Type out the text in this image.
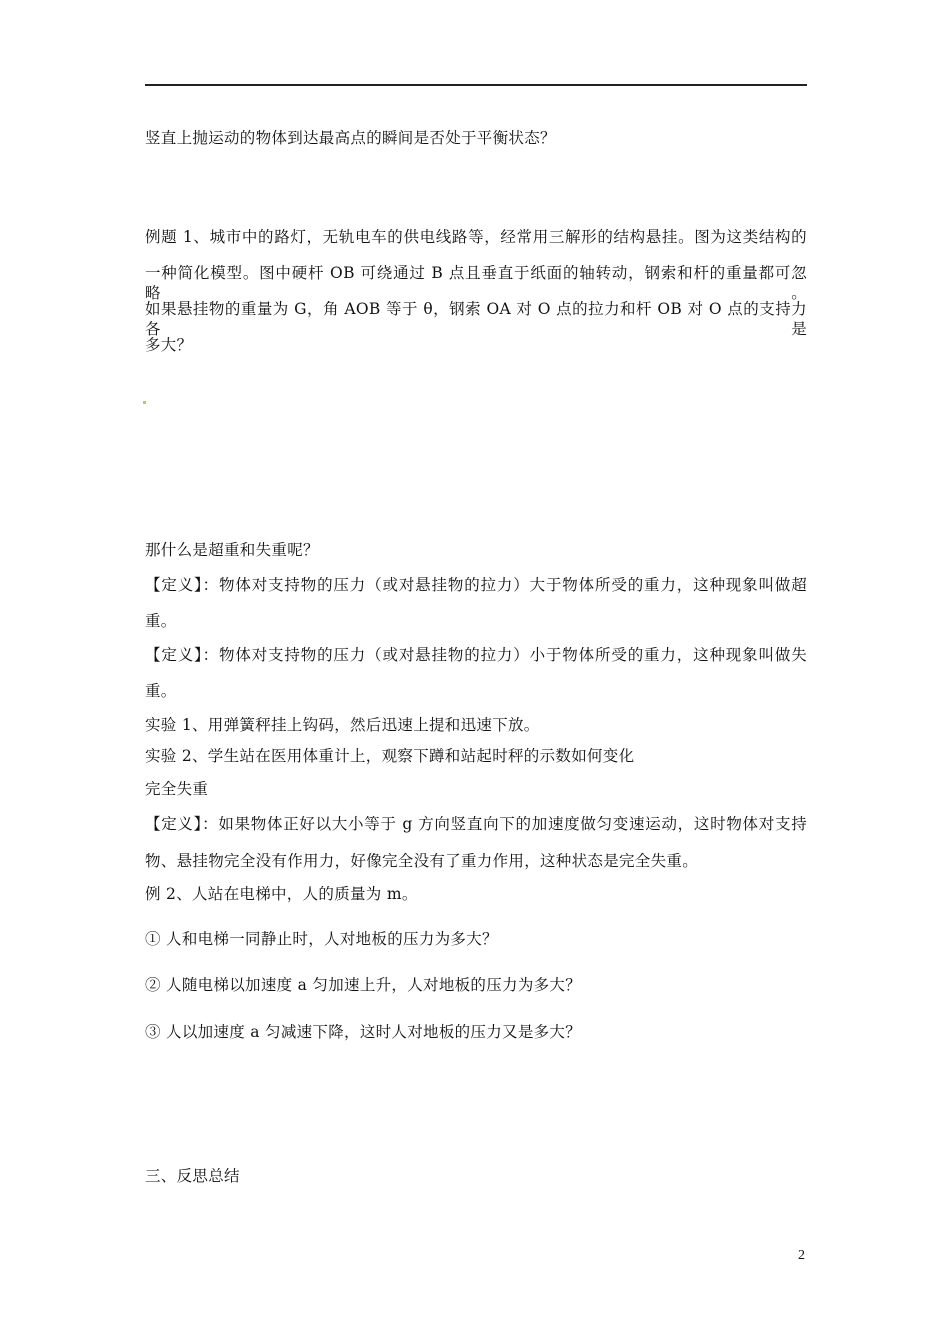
竖直上抛运动的物体到达最高点的瞬间是否处于平衡状态？
例题 1、城市中的路灯，无轨电车的供电线路等，经常用三解形的结构悬挂。图为这类结构的
一种简化模型。图中硬杆 OB 可绕通过 B 点且垂直于纸面的轴转动，钢索和杆的重量都可忽略。
如果悬挂物的重量为 G，角 AOB 等于 θ，钢索 OA 对 O 点的拉力和杆 OB 对 O 点的支持力各是
多大？
那什么是超重和失重呢？
【定义】：物体对支持物的压力（或对悬挂物的拉力）大于物体所受的重力，这种现象叫做超
重。
【定义】：物体对支持物的压力（或对悬挂物的拉力）小于物体所受的重力，这种现象叫做失
重。
实验 1、用弹簧秤挂上钩码，然后迅速上提和迅速下放。
实验 2、学生站在医用体重计上，观察下蹲和站起时秤的示数如何变化
完全失重
【定义】：如果物体正好以大小等于 g 方向竖直向下的加速度做匀变速运动，这时物体对支持
物、悬挂物完全没有作用力，好像完全没有了重力作用，这种状态是完全失重。
例 2、人站在电梯中，人的质量为 m。
① 人和电梯一同静止时，人对地板的压力为多大？
② 人随电梯以加速度 a 匀加速上升，人对地板的压力为多大？
③ 人以加速度 a 匀减速下降，这时人对地板的压力又是多大？
三、反思总结
2
